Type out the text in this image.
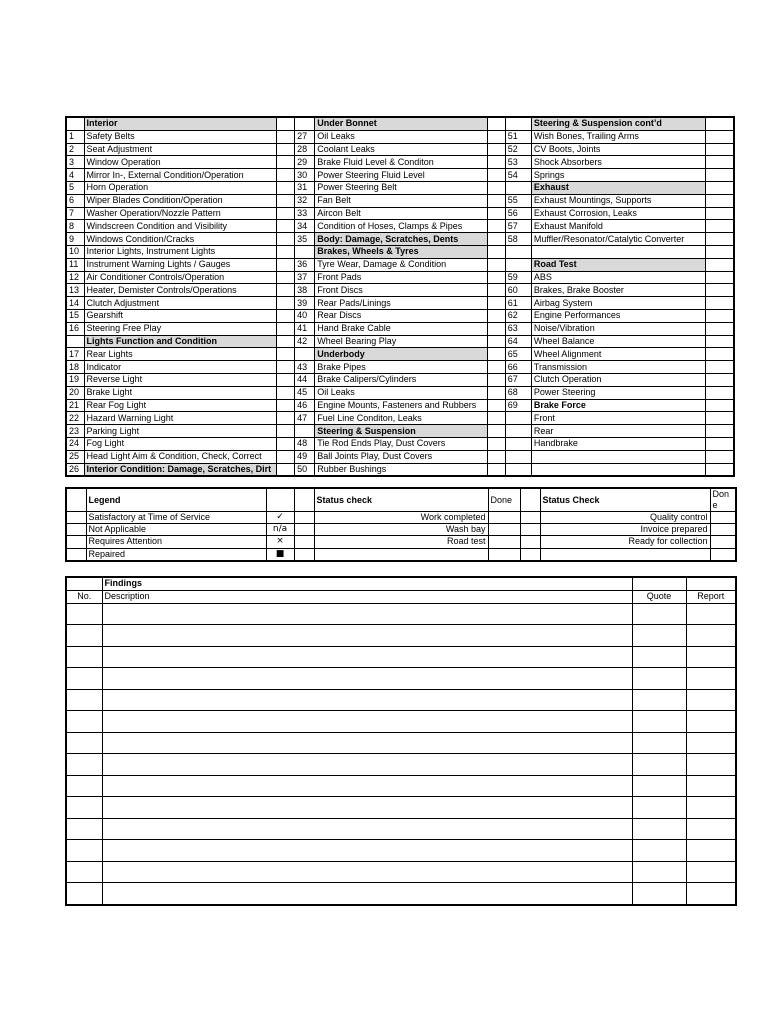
	Interior			Under Bonnet			Steering & Suspension cont’d	
1	Safety Belts		27	Oil Leaks		51	Wish Bones, Trailing Arms	
2	Seat Adjustment		28	Coolant Leaks		52	CV Boots, Joints	
3	Window Operation		29	Brake Fluid Level & Conditon		53	Shock Absorbers	
4	Mirror In-, External Condition/Operation		30	Power Steering Fluid Level		54	Springs	
5	Horn Operation		31	Power Steering Belt			Exhaust	
6	Wiper Blades Condition/Operation		32	Fan Belt		55	Exhaust Mountings, Supports	
7	Washer Operation/Nozzle Pattern		33	Aircon Belt		56	Exhaust Corrosion, Leaks	
8	Windscreen Condition and Visibility		34	Condition of Hoses, Clamps & Pipes		57	Exhaust Manifold	
9	Windows Condition/Cracks		35	Body: Damage, Scratches, Dents		58	Muffler/Resonator/Catalytic Converter	
10	Interior Lights, Instrument Lights			Brakes, Wheels & Tyres				
11	Instrument Warning Lights / Gauges		36	Tyre Wear, Damage & Condition			Road Test	
12	Air Conditioner Controls/Operation		37	Front Pads		59	ABS	
13	Heater, Demister Controls/Operations		38	Front Discs		60	Brakes, Brake Booster	
14	Clutch Adjustment		39	Rear Pads/Linings		61	Airbag System	
15	Gearshift		40	Rear Discs		62	Engine Performances	
16	Steering Free Play		41	Hand Brake Cable		63	Noise/Vibration	
	Lights Function and Condition		42	Wheel Bearing Play		64	Wheel Balance	
17	Rear Lights			Underbody		65	Wheel Alignment	
18	Indicator		43	Brake Pipes		66	Transmission	
19	Reverse Light		44	Brake Calipers/Cylinders		67	Clutch Operation	
20	Brake Light		45	Oil Leaks		68	Power Steering	
21	Rear Fog Light		46	Engine Mounts, Fasteners and Rubbers		69	Brake Force	
22	Hazard Warning Light		47	Fuel Line Conditon, Leaks			Front	
23	Parking Light			Steering & Suspension			Rear	
24	Fog Light		48	Tie Rod Ends Play, Dust Covers			Handbrake	
25	Head Light Aim & Condition, Check, Correct		49	Ball Joints Play, Dust Covers				
26	Interior Condition: Damage, Scratches, Dirt		50	Rubber Bushings				
	Legend			Status check	Done		Status Check	Don e
	Satisfactory at Time of Service	✓		Work completed			Quality control	
	Not Applicable	n/a		Wash bay			Invoice prepared	
	Requires Attention	×		Road test			Ready for collection	
	Repaired	■						
	Findings		
No.	Description	Quote	Report
